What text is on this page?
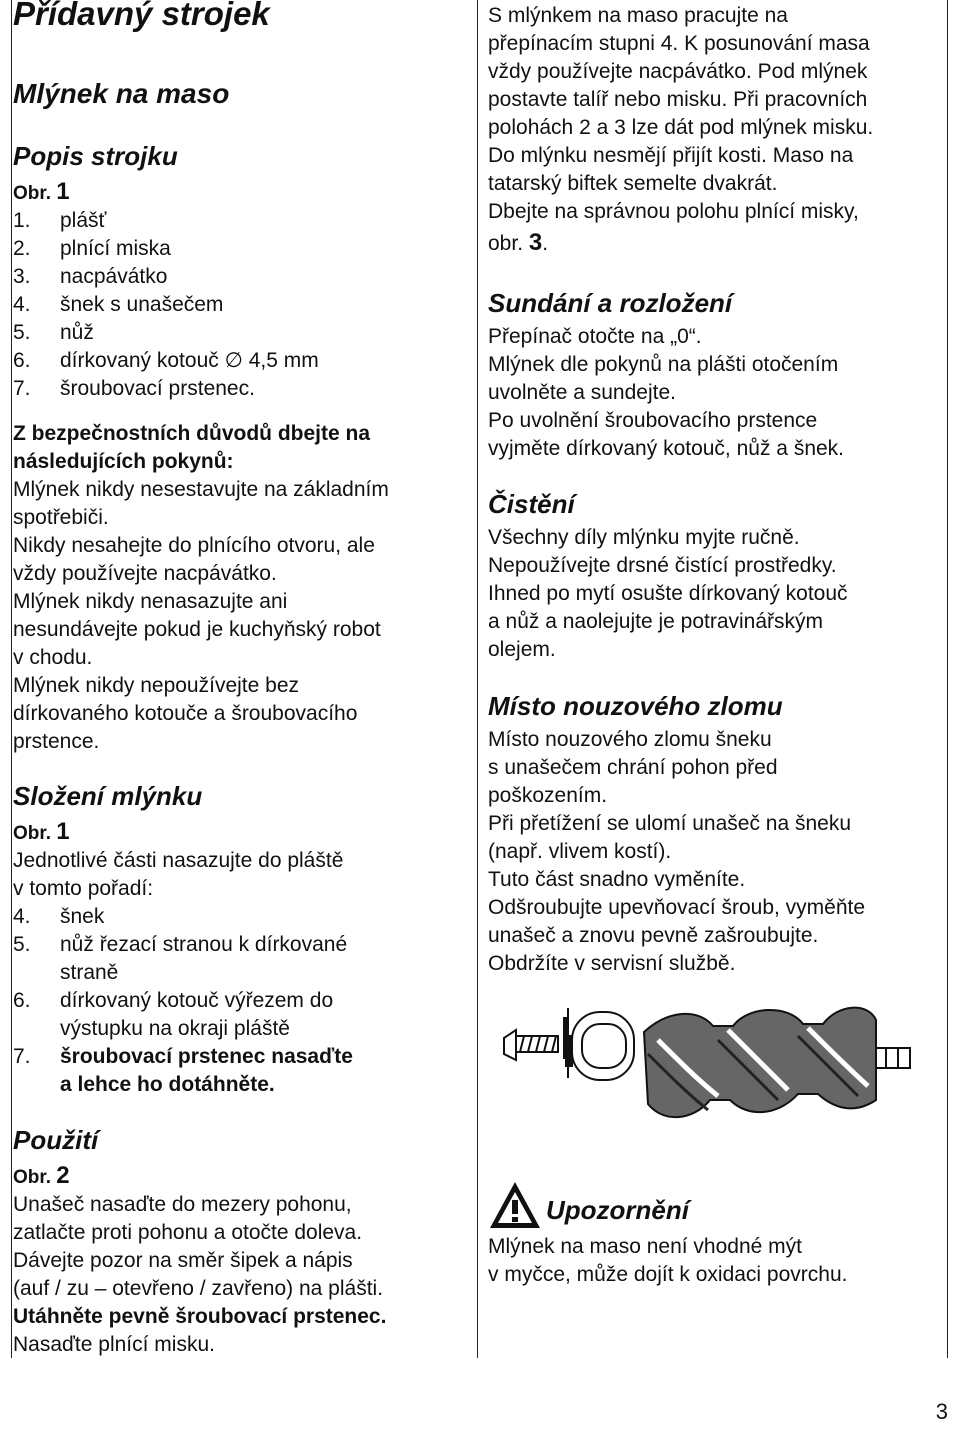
Přídavný strojek
Mlýnek na maso
Popis strojku
Obr. 1
1. plášť
2. plnící miska
3. nacpávátko
4. šnek s unašečem
5. nůž
6. dírkovaný kotouč ∅ 4,5 mm
7. šroubovací prstenec.
Z bezpečnostních důvodů dbejte na
následujících pokynů:
Mlýnek nikdy nesestavujte na základním
spotřebiči.
Nikdy nesahejte do plnícího otvoru, ale
vždy používejte nacpávátko.
Mlýnek nikdy nenasazujte ani
nesundávejte pokud je kuchyňský robot
v chodu.
Mlýnek nikdy nepoužívejte bez
dírkovaného kotouče a šroubovacího
prstence.
Složení mlýnku
Obr. 1
Jednotlivé části nasazujte do pláště
v tomto pořadí:
4. šnek
5. nůž řezací stranou k dírkované
straně
6. dírkovaný kotouč výřezem do
výstupku na okraji pláště
7. šroubovací prstenec nasaďte
a lehce ho dotáhněte.
Použití
Obr. 2
Unašeč nasaďte do mezery pohonu,
zatlačte proti pohonu a otočte doleva.
Dávejte pozor na směr šipek a nápis
(auf / zu – otevřeno / zavřeno) na plášti.
Utáhněte pevně šroubovací prstenec.
Nasaďte plnící misku.
S mlýnkem na maso pracujte na
přepínacím stupni 4. K posunování masa
vždy používejte nacpávátko. Pod mlýnek
postavte talíř nebo misku. Při pracovních
polohách 2 a 3 lze dát pod mlýnek misku.
Do mlýnku nesmějí přijít kosti. Maso na
tatarský biftek semelte dvakrát.
Dbejte na správnou polohu plnící misky,
obr. 3.
Sundání a rozložení
Přepínač otočte na „0“.
Mlýnek dle pokynů na plášti otočením
uvolněte a sundejte.
Po uvolnění šroubovacího prstence
vyjměte dírkovaný kotouč, nůž a šnek.
Čistění
Všechny díly mlýnku myjte ručně.
Nepoužívejte drsné čistící prostředky.
Ihned po mytí osušte dírkovaný kotouč
a nůž a naolejujte je potravinářským
olejem.
Místo nouzového zlomu
Místo nouzového zlomu šneku
s unašečem chrání pohon před
poškozením.
Při přetížení se ulomí unašeč na šneku
(např. vlivem kostí).
Tuto část snadno vyměníte.
Odšroubujte upevňovací šroub, vyměňte
unašeč a znovu pevně zašroubujte.
Obdržíte v servisní službě.
Upozornění
Mlýnek na maso není vhodné mýt
v myčce, může dojít k oxidaci povrchu.
3
